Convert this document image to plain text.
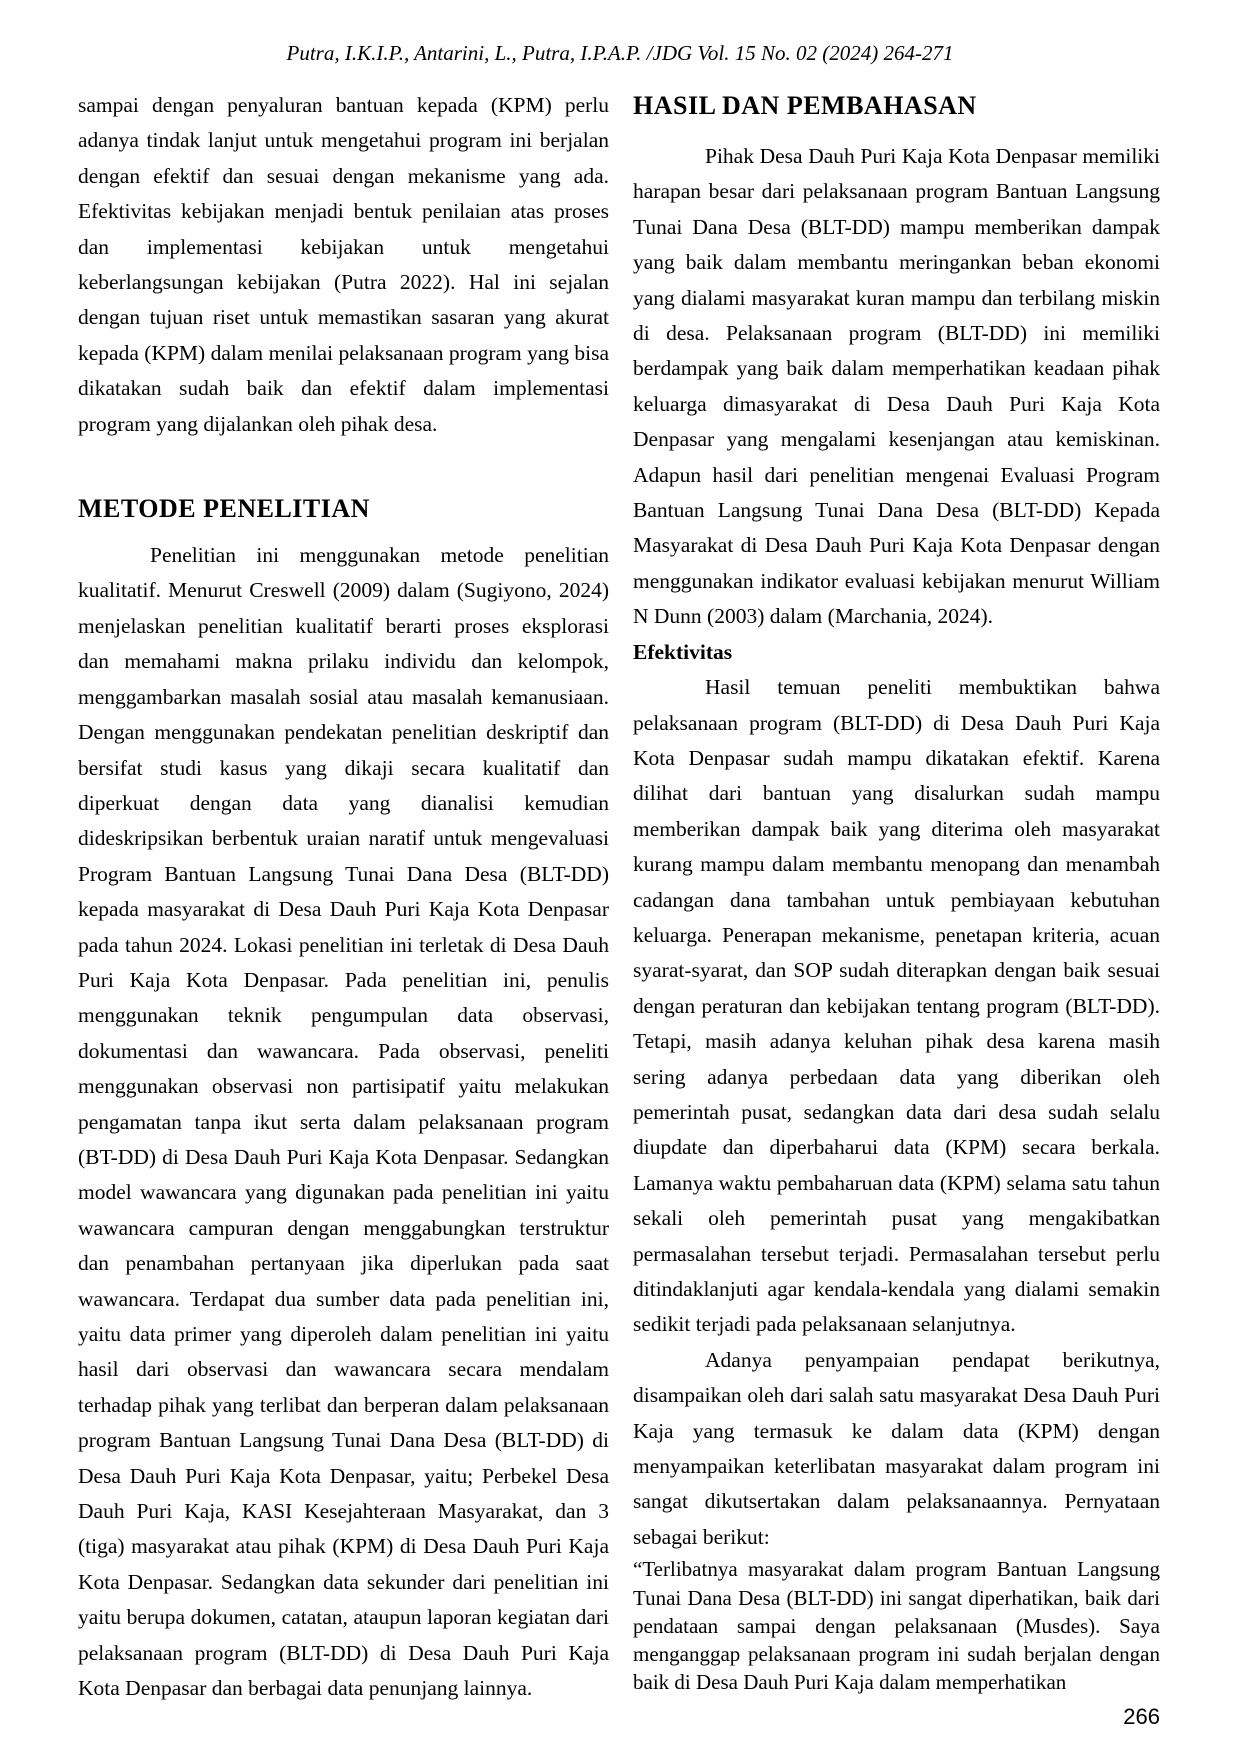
Putra, I.K.I.P., Antarini, L., Putra, I.P.A.P. /JDG Vol. 15 No. 02 (2024) 264-271

sampai dengan penyaluran bantuan kepada (KPM) perlu adanya tindak lanjut untuk mengetahui program ini berjalan dengan efektif dan sesuai dengan mekanisme yang ada. Efektivitas kebijakan menjadi bentuk penilaian atas proses dan implementasi kebijakan untuk mengetahui keberlangsungan kebijakan (Putra 2022). Hal ini sejalan dengan tujuan riset untuk memastikan sasaran yang akurat kepada (KPM) dalam menilai pelaksanaan program yang bisa dikatakan sudah baik dan efektif dalam implementasi program yang dijalankan oleh pihak desa.

METODE PENELITIAN

Penelitian ini menggunakan metode penelitian kualitatif. Menurut Creswell (2009) dalam (Sugiyono, 2024) menjelaskan penelitian kualitatif berarti proses eksplorasi dan memahami makna prilaku individu dan kelompok, menggambarkan masalah sosial atau masalah kemanusiaan. Dengan menggunakan pendekatan penelitian deskriptif dan bersifat studi kasus yang dikaji secara kualitatif dan diperkuat dengan data yang dianalisi kemudian dideskripsikan berbentuk uraian naratif untuk mengevaluasi Program Bantuan Langsung Tunai Dana Desa (BLT-DD) kepada masyarakat di Desa Dauh Puri Kaja Kota Denpasar pada tahun 2024. Lokasi penelitian ini terletak di Desa Dauh Puri Kaja Kota Denpasar. Pada penelitian ini, penulis menggunakan teknik pengumpulan data observasi, dokumentasi dan wawancara. Pada observasi, peneliti menggunakan observasi non partisipatif yaitu melakukan pengamatan tanpa ikut serta dalam pelaksanaan program (BT-DD) di Desa Dauh Puri Kaja Kota Denpasar. Sedangkan model wawancara yang digunakan pada penelitian ini yaitu wawancara campuran dengan menggabungkan terstruktur dan penambahan pertanyaan jika diperlukan pada saat wawancara. Terdapat dua sumber data pada penelitian ini, yaitu data primer yang diperoleh dalam penelitian ini yaitu hasil dari observasi dan wawancara secara mendalam terhadap pihak yang terlibat dan berperan dalam pelaksanaan program Bantuan Langsung Tunai Dana Desa (BLT-DD) di Desa Dauh Puri Kaja Kota Denpasar, yaitu; Perbekel Desa Dauh Puri Kaja, KASI Kesejahteraan Masyarakat, dan 3 (tiga) masyarakat atau pihak (KPM) di Desa Dauh Puri Kaja Kota Denpasar. Sedangkan data sekunder dari penelitian ini yaitu berupa dokumen, catatan, ataupun laporan kegiatan dari pelaksanaan program (BLT-DD) di Desa Dauh Puri Kaja Kota Denpasar dan berbagai data penunjang lainnya.

HASIL DAN PEMBAHASAN

Pihak Desa Dauh Puri Kaja Kota Denpasar memiliki harapan besar dari pelaksanaan program Bantuan Langsung Tunai Dana Desa (BLT-DD) mampu memberikan dampak yang baik dalam membantu meringankan beban ekonomi yang dialami masyarakat kuran mampu dan terbilang miskin di desa. Pelaksanaan program (BLT-DD) ini memiliki berdampak yang baik dalam memperhatikan keadaan pihak keluarga dimasyarakat di Desa Dauh Puri Kaja Kota Denpasar yang mengalami kesenjangan atau kemiskinan. Adapun hasil dari penelitian mengenai Evaluasi Program Bantuan Langsung Tunai Dana Desa (BLT-DD) Kepada Masyarakat di Desa Dauh Puri Kaja Kota Denpasar dengan menggunakan indikator evaluasi kebijakan menurut William N Dunn (2003) dalam (Marchania, 2024).

Efektivitas

Hasil temuan peneliti membuktikan bahwa pelaksanaan program (BLT-DD) di Desa Dauh Puri Kaja Kota Denpasar sudah mampu dikatakan efektif. Karena dilihat dari bantuan yang disalurkan sudah mampu memberikan dampak baik yang diterima oleh masyarakat kurang mampu dalam membantu menopang dan menambah cadangan dana tambahan untuk pembiayaan kebutuhan keluarga. Penerapan mekanisme, penetapan kriteria, acuan syarat-syarat, dan SOP sudah diterapkan dengan baik sesuai dengan peraturan dan kebijakan tentang program (BLT-DD). Tetapi, masih adanya keluhan pihak desa karena masih sering adanya perbedaan data yang diberikan oleh pemerintah pusat, sedangkan data dari desa sudah selalu diupdate dan diperbaharui data (KPM) secara berkala. Lamanya waktu pembaharuan data (KPM) selama satu tahun sekali oleh pemerintah pusat yang mengakibatkan permasalahan tersebut terjadi. Permasalahan tersebut perlu ditindaklanjuti agar kendala-kendala yang dialami semakin sedikit terjadi pada pelaksanaan selanjutnya.

Adanya penyampaian pendapat berikutnya, disampaikan oleh dari salah satu masyarakat Desa Dauh Puri Kaja yang termasuk ke dalam data (KPM) dengan menyampaikan keterlibatan masyarakat dalam program ini sangat dikutsertakan dalam pelaksanaannya. Pernyataan sebagai berikut:

“Terlibatnya masyarakat dalam program Bantuan Langsung Tunai Dana Desa (BLT-DD) ini sangat diperhatikan, baik dari pendataan sampai dengan pelaksanaan (Musdes). Saya menganggap pelaksanaan program ini sudah berjalan dengan baik di Desa Dauh Puri Kaja dalam memperhatikan

266
